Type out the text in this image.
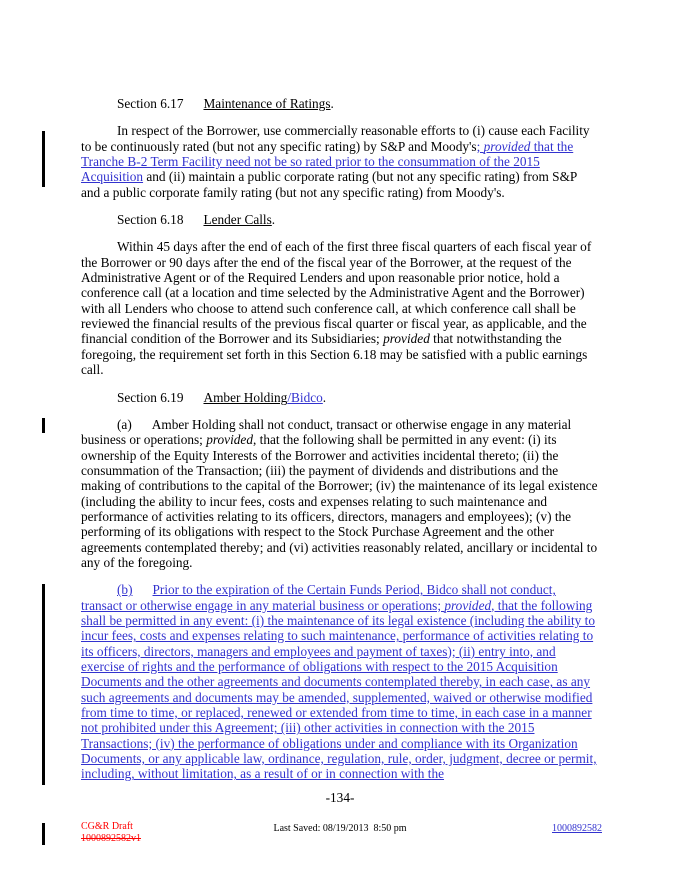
Section 6.17 Maintenance of Ratings.

In respect of the Borrower, use commercially reasonable efforts to (i) cause each Facility to be continuously rated (but not any specific rating) by S&P and Moody's; provided that the Tranche B-2 Term Facility need not be so rated prior to the consummation of the 2015 Acquisition and (ii) maintain a public corporate rating (but not any specific rating) from S&P and a public corporate family rating (but not any specific rating) from Moody's.

Section 6.18 Lender Calls.

Within 45 days after the end of each of the first three fiscal quarters of each fiscal year of the Borrower or 90 days after the end of the fiscal year of the Borrower, at the request of the Administrative Agent or of the Required Lenders and upon reasonable prior notice, hold a conference call (at a location and time selected by the Administrative Agent and the Borrower) with all Lenders who choose to attend such conference call, at which conference call shall be reviewed the financial results of the previous fiscal quarter or fiscal year, as applicable, and the financial condition of the Borrower and its Subsidiaries; provided that notwithstanding the foregoing, the requirement set forth in this Section 6.18 may be satisfied with a public earnings call.

Section 6.19 Amber Holding/Bidco.

(a) Amber Holding shall not conduct, transact or otherwise engage in any material business or operations; provided, that the following shall be permitted in any event: (i) its ownership of the Equity Interests of the Borrower and activities incidental thereto; (ii) the consummation of the Transaction; (iii) the payment of dividends and distributions and the making of contributions to the capital of the Borrower; (iv) the maintenance of its legal existence (including the ability to incur fees, costs and expenses relating to such maintenance and performance of activities relating to its officers, directors, managers and employees); (v) the performing of its obligations with respect to the Stock Purchase Agreement and the other agreements contemplated thereby; and (vi) activities reasonably related, ancillary or incidental to any of the foregoing.

(b) Prior to the expiration of the Certain Funds Period, Bidco shall not conduct, transact or otherwise engage in any material business or operations; provided, that the following shall be permitted in any event: (i) the maintenance of its legal existence (including the ability to incur fees, costs and expenses relating to such maintenance, performance of activities relating to its officers, directors, managers and employees and payment of taxes); (ii) entry into, and exercise of rights and the performance of obligations with respect to the 2015 Acquisition Documents and the other agreements and documents contemplated thereby, in each case, as any such agreements and documents may be amended, supplemented, waived or otherwise modified from time to time, or replaced, renewed or extended from time to time, in each case in a manner not prohibited under this Agreement; (iii) other activities in connection with the 2015 Transactions; (iv) the performance of obligations under and compliance with its Organization Documents, or any applicable law, ordinance, regulation, rule, order, judgment, decree or permit, including, without limitation, as a result of or in connection with the

-134-
CG&R Draft
1000892582v1
Last Saved: 08/19/2013  8:50 pm	1000892582
